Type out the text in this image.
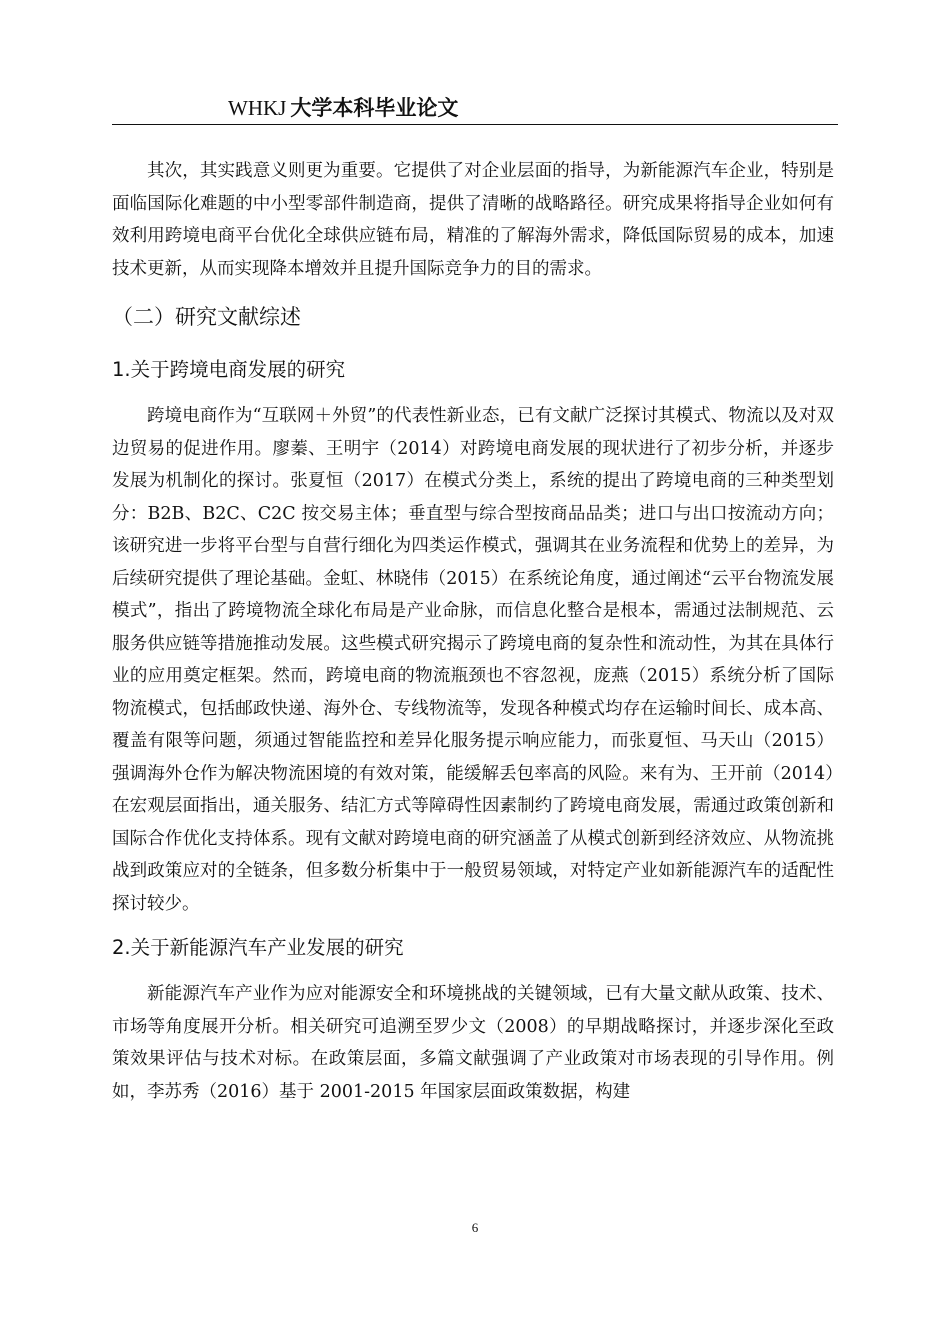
WHKJ 大学本科毕业论文

其次，其实践意义则更为重要。它提供了对企业层面的指导，为新能源汽车企业，特别是面临国际化难题的中小型零部件制造商，提供了清晰的战略路径。研究成果将指导企业如何有效利用跨境电商平台优化全球供应链布局，精准的了解海外需求，降低国际贸易的成本，加速技术更新，从而实现降本增效并且提升国际竞争力的目的需求。

（二）研究文献综述
1.关于跨境电商发展的研究

跨境电商作为“互联网＋外贸”的代表性新业态，已有文献广泛探讨其模式、物流以及对双边贸易的促进作用。廖蓁、王明宇（2014）对跨境电商发展的现状进行了初步分析，并逐步发展为机制化的探讨。张夏恒（2017）在模式分类上，系统的提出了跨境电商的三种类型划分：B2B、B2C、C2C 按交易主体；垂直型与综合型按商品品类；进口与出口按流动方向；该研究进一步将平台型与自营行细化为四类运作模式，强调其在业务流程和优势上的差异，为后续研究提供了理论基础。金虹、林晓伟（2015）在系统论角度，通过阐述“云平台物流发展模式”，指出了跨境物流全球化布局是产业命脉，而信息化整合是根本，需通过法制规范、云服务供应链等措施推动发展。这些模式研究揭示了跨境电商的复杂性和流动性，为其在具体行业的应用奠定框架。然而，跨境电商的物流瓶颈也不容忽视，庞燕（2015）系统分析了国际物流模式，包括邮政快递、海外仓、专线物流等，发现各种模式均存在运输时间长、成本高、覆盖有限等问题，须通过智能监控和差异化服务提示响应能力，而张夏恒、马天山（2015）强调海外仓作为解决物流困境的有效对策，能缓解丢包率高的风险。来有为、王开前（2014）在宏观层面指出，通关服务、结汇方式等障碍性因素制约了跨境电商发展，需通过政策创新和国际合作优化支持体系。现有文献对跨境电商的研究涵盖了从模式创新到经济效应、从物流挑战到政策应对的全链条，但多数分析集中于一般贸易领域，对特定产业如新能源汽车的适配性探讨较少。

2.关于新能源汽车产业发展的研究

新能源汽车产业作为应对能源安全和环境挑战的关键领域，已有大量文献从政策、技术、市场等角度展开分析。相关研究可追溯至罗少文（2008）的早期战略探讨，并逐步深化至政策效果评估与技术对标。在政策层面，多篇文献强调了产业政策对市场表现的引导作用。例如，李苏秀（2016）基于 2001-2015 年国家层面政策数据，构建

6
